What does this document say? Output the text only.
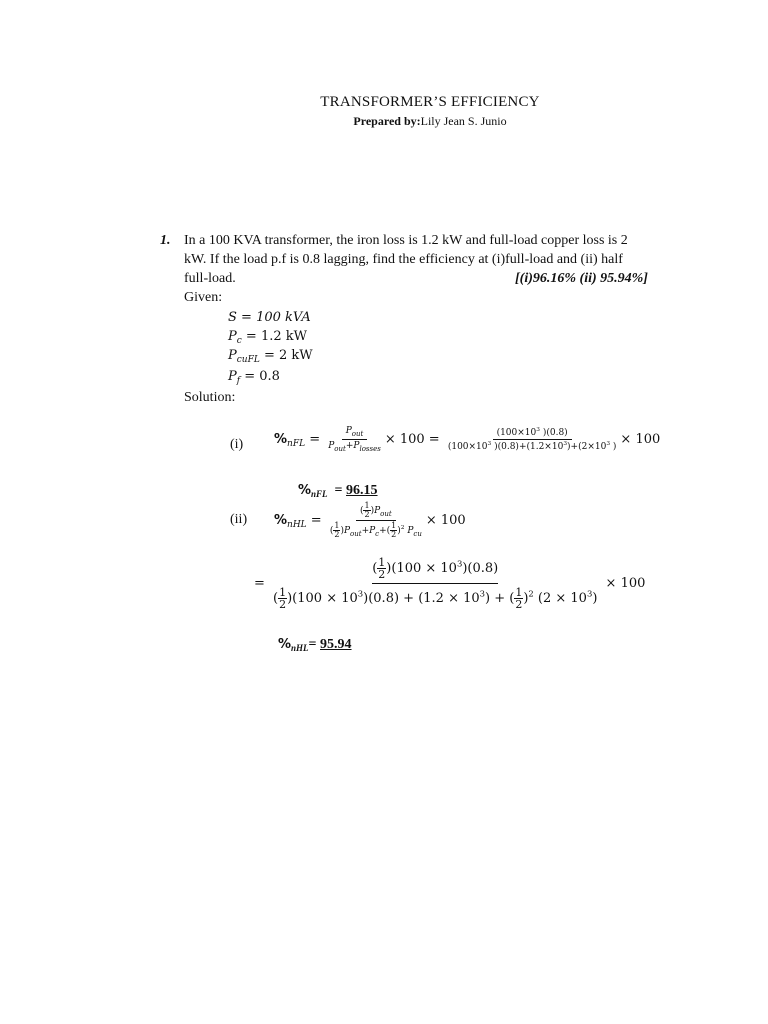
TRANSFORMER’S EFFICIENCY
Prepared by:Lily Jean S. Junio
1. In a 100 KVA transformer, the iron loss is 1.2 kW and full-load copper loss is 2
kW. If the load p.f is 0.8 lagging, find the efficiency at (i)full-load and (ii) half
full-load.	[(i)96.16% (ii) 95.94%]
Given:
S = 100 kVA
$P_c = 1.2$ kW
$P_{cuFL} = 2$ kW
$P_f = 0.8$
Solution:
(i) $\%_{nFL} = \frac{P_{out}}{P_{out}+P_{losses}} \times 100 = \frac{(100\times 10^3 )(0.8)}{(100\times 10^3 )(0.8)+(1.2\times 10^3)+(2\times 10^3 )} \times 100$
$\%_{nFL} = 96.15$
(ii) $\%_{nHL} = \frac{( \frac{1}{2} )P_{out}}{( \frac{1}{2} )P_{out}+P_c+( \frac{1}{2} )^2 P_{cu}} \times 100$
= $\frac{( \frac{1}{2} )(100 \times 10^3)(0.8)}{( \frac{1}{2} )(100 \times 10^3)(0.8) + (1.2 \times 10^3) + ( \frac{1}{2} )^2 (2 \times 10^3)} \times 100$
$\%_{nHL}= 95.94$
